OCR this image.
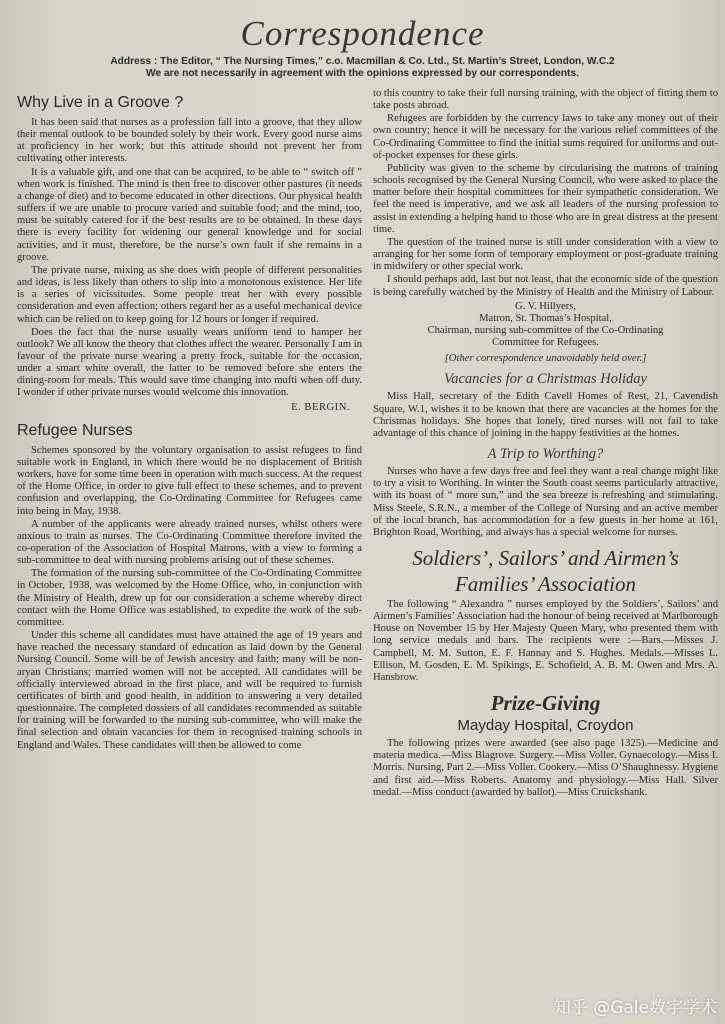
Correspondence
Address : The Editor, “ The Nursing Times,” c.o. Macmillan & Co. Ltd., St. Martin’s Street, London, W.C.2
We are not necessarily in agreement with the opinions expressed by our correspondents.
Why Live in a Groove ?

It has been said that nurses as a profession fall into a groove, that they allow their mental outlook to be bounded solely by their work. Every good nurse aims at proficiency in her work; but this attitude should not prevent her from cultivating other interests.

It is a valuable gift, and one that can be acquired, to be able to “ switch off ” when work is finished. The mind is then free to discover other pastures (it needs a change of diet) and to become educated in other directions. Our physical health suffers if we are unable to procure varied and suitable food; and the mind, too, must be suitably catered for if the best results are to be obtained. In these days there is every facility for widening our general knowledge and for social activities, and it must, therefore, be the nurse’s own fault if she remains in a groove.

The private nurse, mixing as she does with people of different personalities and ideas, is less likely than others to slip into a monotonous existence. Her life is a series of vicissitudes. Some people treat her with every possible consideration and even affection; others regard her as a useful mechanical device which can be relied on to keep going for 12 hours or longer if required.

Does the fact that the nurse usually wears uniform tend to hamper her outlook? We all know the theory that clothes affect the wearer. Personally I am in favour of the private nurse wearing a pretty frock, suitable for the occasion, under a smart white overall, the latter to be removed before she enters the dining-room for meals. This would save time changing into mufti when off duty. I wonder if other private nurses would welcome this innovation.

E. BERGIN.
Refugee Nurses

Schemes sponsored by the voluntary organisation to assist refugees to find suitable work in England, in which there would be no displacement of British workers, have for some time been in operation with much success. At the request of the Home Office, in order to give full effect to these schemes, and to prevent confusion and overlapping, the Co-Ordinating Committee for Refugees came into being in May, 1938.

A number of the applicants were already trained nurses, whilst others were anxious to train as nurses. The Co-Ordinating Committee therefore invited the co-operation of the Association of Hospital Matrons, with a view to forming a sub-committee to deal with nursing problems arising out of these schemes.

The formation of the nursing sub-committee of the Co-Ordinating Committee in October, 1938, was welcomed by the Home Office, who, in conjunction with the Ministry of Health, drew up for our consideration a scheme whereby direct contact with the Home Office was established, to expedite the work of the sub-committee.

Under this scheme all candidates must have attained the age of 19 years and have reached the necessary standard of education as laid down by the General Nursing Council. Some will be of Jewish ancestry and faith; many will be non-aryan Christians; married women will not be accepted. All candidates will be officially interviewed abroad in the first place, and will be required to furnish certificates of birth and good health, in addition to answering a very detailed questionnaire. The completed dossiers of all candidates recommended as suitable for training will be forwarded to the nursing sub-committee, who will make the final selection and obtain vacancies for them in recognised training schools in England and Wales. These candidates will then be allowed to come

to this country to take their full nursing training, with the object of fitting them to take posts abroad.

Refugees are forbidden by the currency laws to take any money out of their own country; hence it will be necessary for the various relief committees of the Co-Ordinating Committee to find the initial sums required for uniforms and out-of-pocket expenses for these girls.

Publicity was given to the scheme by circularising the matrons of training schools recognised by the General Nursing Council, who were asked to place the matter before their hospital committees for their sympathetic consideration. We feel the need is imperative, and we ask all leaders of the nursing profession to assist in extending a helping hand to those who are in great distress at the present time.

The question of the trained nurse is still under consideration with a view to arranging for her some form of temporary employment or post-graduate training in midwifery or other special work.

I should perhaps add, last but not least, that the economic side of the question is being carefully watched by the Ministry of Health and the Ministry of Labour.

G. V. Hillyers,
Matron, St. Thomas’s Hospital,
Chairman, nursing sub-committee of the Co-Ordinating
Committee for Refugees.
[Other correspondence unavoidably held over.]
Vacancies for a Christmas Holiday

Miss Hall, secretary of the Edith Cavell Homes of Rest, 21, Cavendish Square, W.1, wishes it to be known that there are vacancies at the homes for the Christmas holidays. She hopes that lonely, tired nurses will not fail to take advantage of this chance of joining in the happy festivities at the homes.

A Trip to Worthing?

Nurses who have a few days free and feel they want a real change might like to try a visit to Worthing. In winter the South coast seems particularly attractive, with its boast of “ more sun,” and the sea breeze is refreshing and stimulating. Miss Steele, S.R.N., a member of the College of Nursing and an active member of the local branch, has accommodation for a few guests in her home at 161, Brighton Road, Worthing, and always has a special welcome for nurses.

Soldiers’, Sailors’ and Airmen’s
Families’ Association

The following “ Alexandra ” nurses employed by the Soldiers’, Sailors’ and Airmen’s Families’ Association had the honour of being received at Marlborough House on November 15 by Her Majesty Queen Mary, who presented them with long service medals and bars. The recipients were :—Bars.—Misses J. Campbell, M. M. Sutton, E. F. Hannay and S. Hughes. Medals.—Misses L. Ellison, M. Gosden, E. M. Spikings, E. Schofield, A. B. M. Owen and Mrs. A. Hansbrow.

Prize-Giving
Mayday Hospital, Croydon

The following prizes were awarded (see also page 1325).—Medicine and materia medica.—Miss Blagrove. Surgery.—Miss Voller. Gynaecology.—Miss I. Morris. Nursing, Part 2.—Miss Voller. Cookery.—Miss O’Shaughnessy. Hygiene and first aid.—Miss Roberts. Anatomy and physiology.—Miss Hall. Silver medal.—Miss conduct (awarded by ballot).—Miss Cruickshank.

知乎 @Gale数字学术
